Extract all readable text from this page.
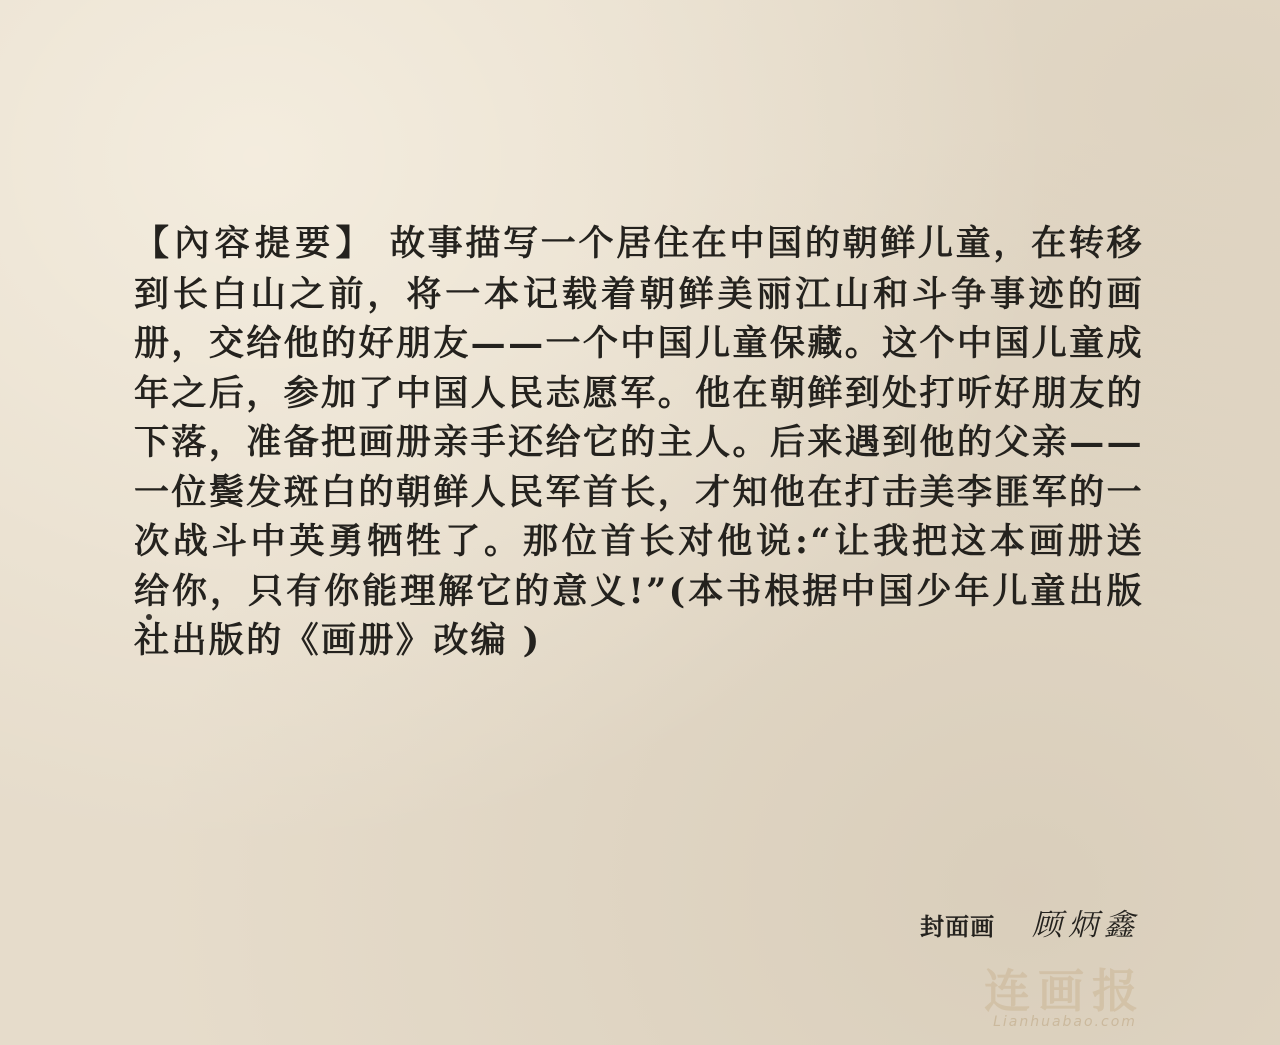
【內容提要】 故事描写一个居住在中国的朝鲜儿童，在转移到长白山之前，将一本记载着朝鲜美丽江山和斗争事迹的画册，交给他的好朋友——一个中国儿童保藏。这个中国儿童成年之后，参加了中国人民志愿军。他在朝鲜到处打听好朋友的下落，准备把画册亲手还给它的主人。后来遇到他的父亲——一位鬓发斑白的朝鲜人民军首长，才知他在打击美李匪军的一次战斗中英勇牺牲了。那位首长对他说:“让我把这本画册送给你，只有你能理解它的意义!”(本书根据中国少年儿童出版社出版的《画册》改编 )

封面画 顾炳鑫
连画报
Lianhuabao.com
